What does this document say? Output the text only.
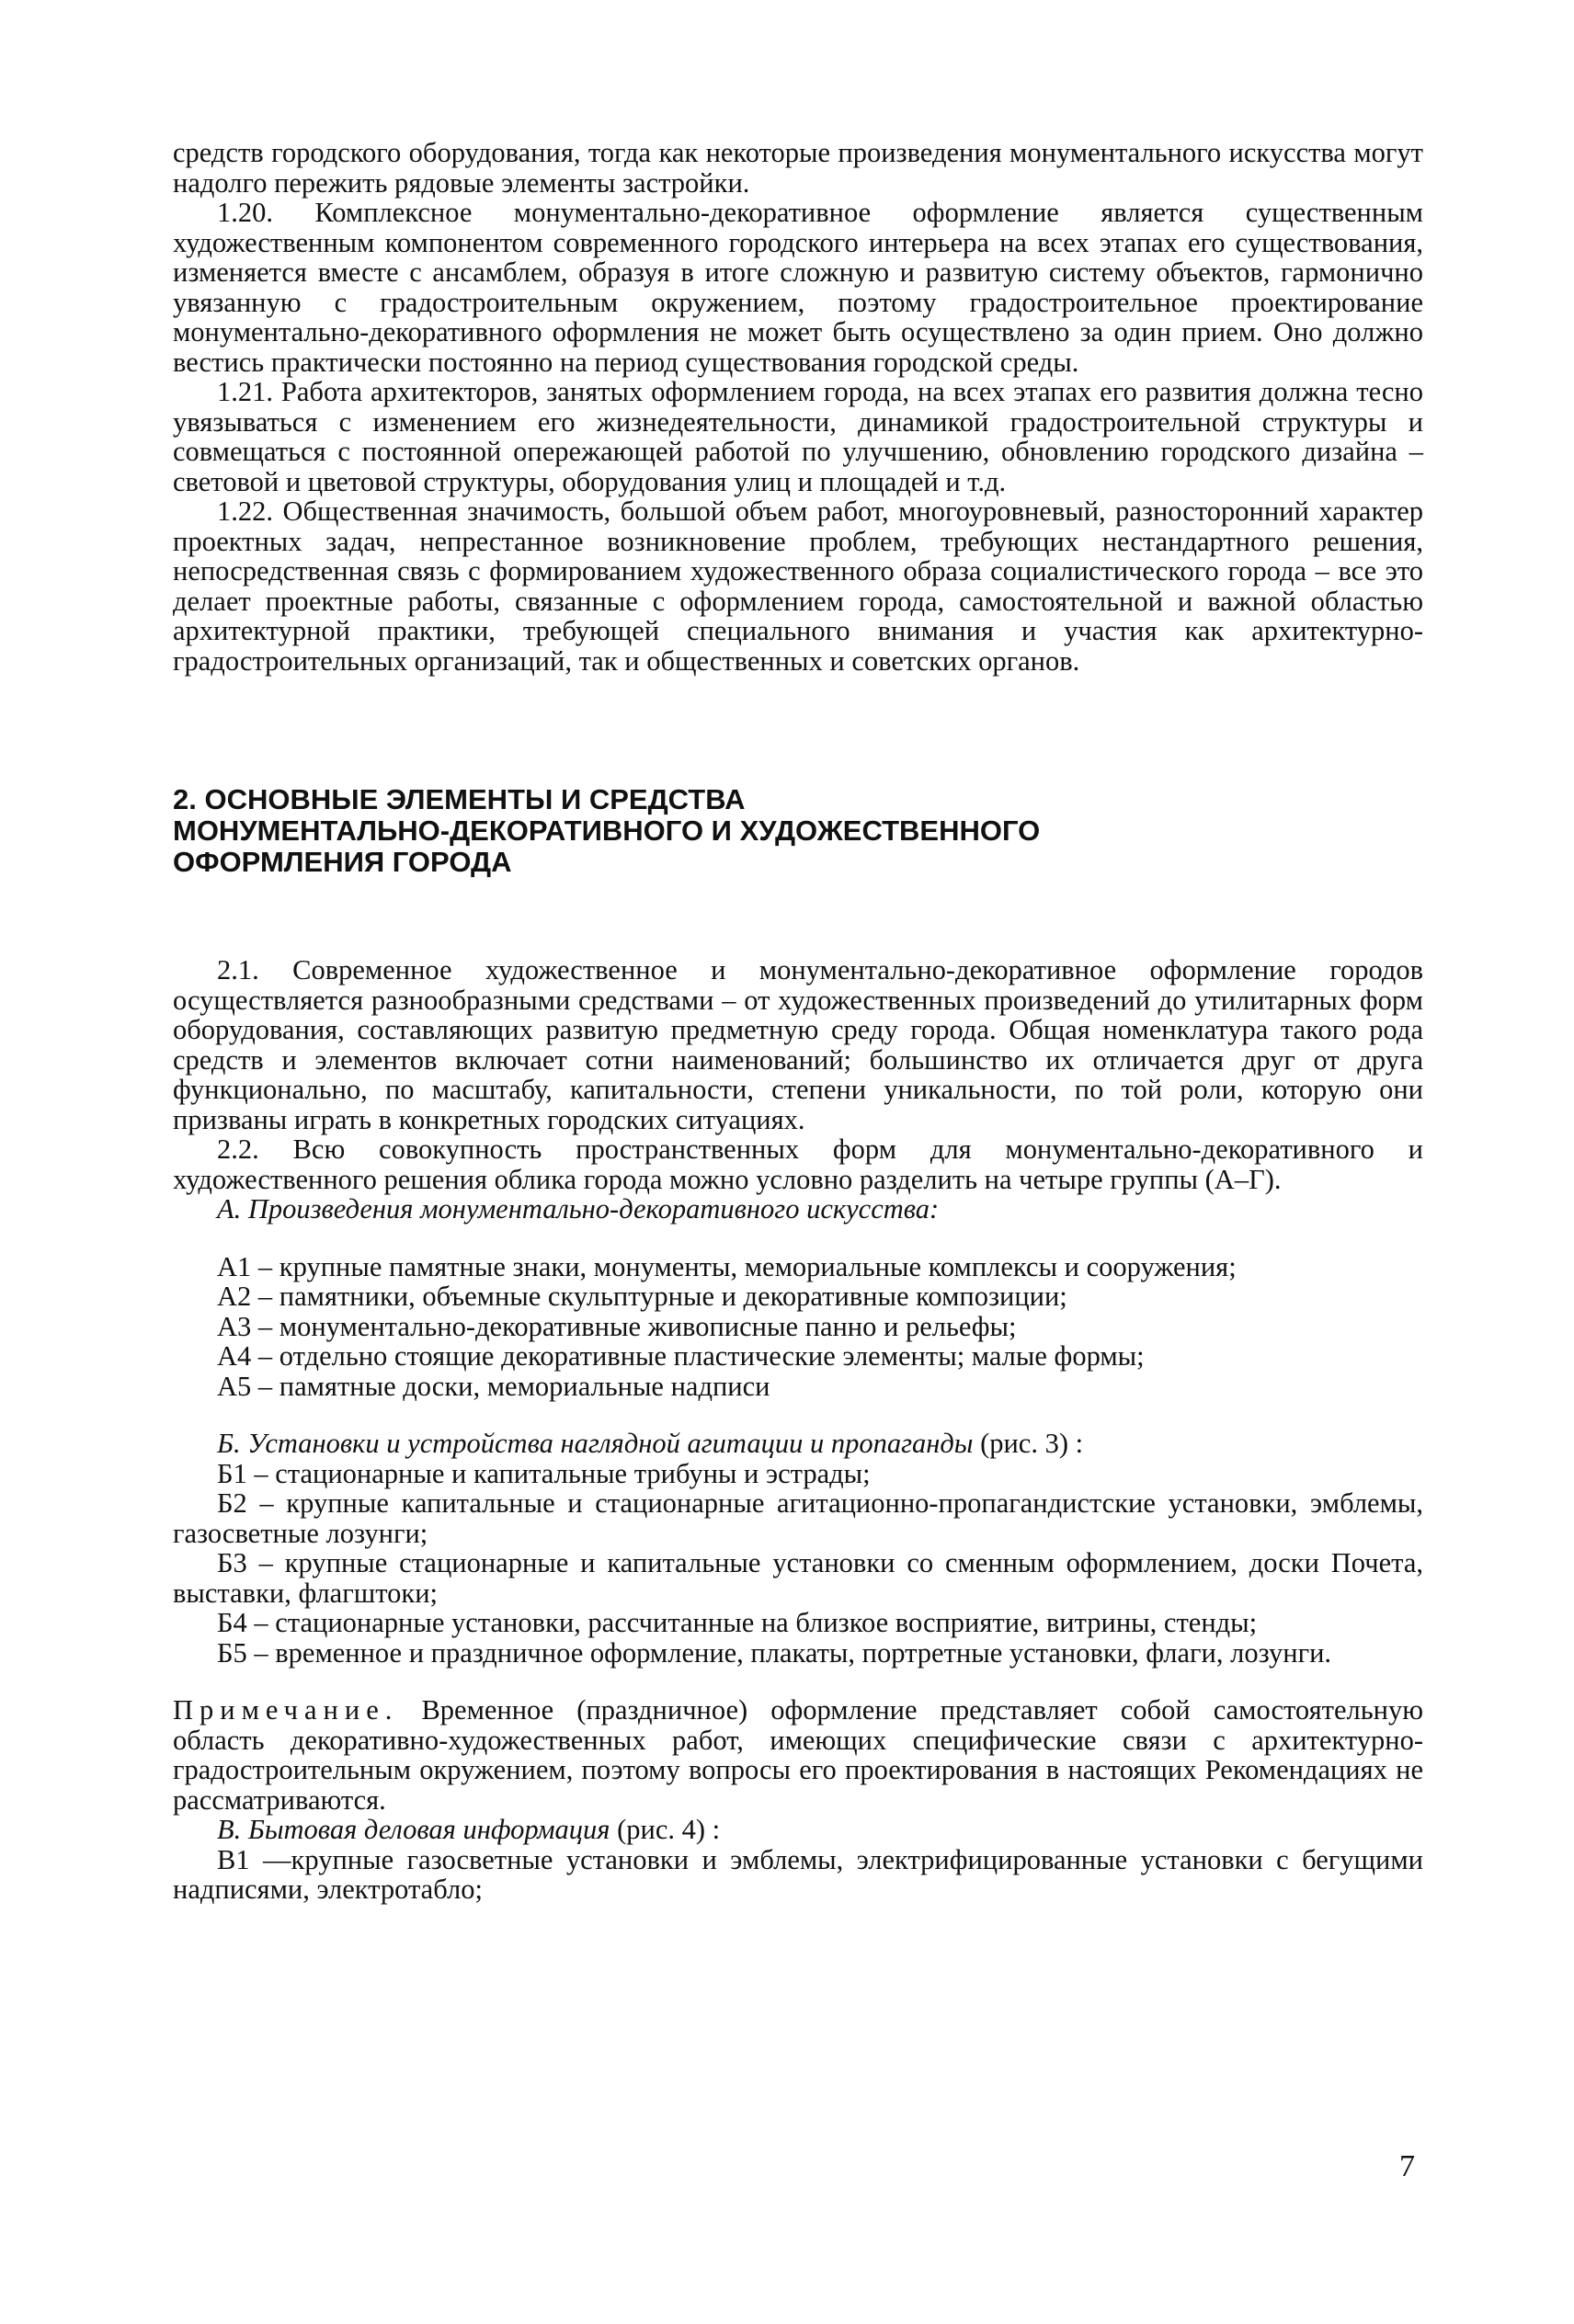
средств городского оборудования, тогда как некоторые произведения монументального искусства могут надолго пережить рядовые элементы застройки.

1.20. Комплексное монументально-декоративное оформление является существенным художественным компонентом современного городского интерьера на всех этапах его существования, изменяется вместе с ансамблем, образуя в итоге сложную и развитую систему объектов, гармонично увязанную с градостроительным окружением, поэтому градостроительное проектирование монументально-декоративного оформления не может быть осуществлено за один прием. Оно должно вестись практически постоянно на период существования городской среды.

1.21. Работа архитекторов, занятых оформлением города, на всех этапах его развития должна тесно увязываться с изменением его жизнедеятельности, динамикой градостроительной структуры и совмещаться с постоянной опережающей работой по улучшению, обновлению городского дизайна – световой и цветовой структуры, оборудования улиц и площадей и т.д.

1.22. Общественная значимость, большой объем работ, многоуровневый, разносторонний характер проектных задач, непрестанное возникновение проблем, требующих нестандартного решения, непосредственная связь с формированием художественного образа социалистического города – все это делает проектные работы, связанные с оформлением города, самостоятельной и важной областью архитектурной практики, требующей специального внимания и участия как архитектурно-градостроительных организаций, так и общественных и советских органов.

2. ОСНОВНЫЕ ЭЛЕМЕНТЫ И СРЕДСТВА
МОНУМЕНТАЛЬНО-ДЕКОРАТИВНОГО И ХУДОЖЕСТВЕННОГО
ОФОРМЛЕНИЯ ГОРОДА

2.1. Современное художественное и монументально-декоративное оформление городов осуществляется разнообразными средствами – от художественных произведений до утилитарных форм оборудования, составляющих развитую предметную среду города. Общая номенклатура такого рода средств и элементов включает сотни наименований; большинство их отличается друг от друга функционально, по масштабу, капитальности, степени уникальности, по той роли, которую они призваны играть в конкретных городских ситуациях.

2.2. Всю совокупность пространственных форм для монументально-декоративного и художественного решения облика города можно условно разделить на четыре группы (А–Г).

А. Произведения монументально-декоративного искусства:

А1 – крупные памятные знаки, монументы, мемориальные комплексы и сооружения;

А2 – памятники, объемные скульптурные и декоративные композиции;

А3 – монументально-декоративные живописные панно и рельефы;

А4 – отдельно стоящие декоративные пластические элементы; малые формы;

А5 – памятные доски, мемориальные надписи

Б. Установки и устройства наглядной агитации и пропаганды (рис. 3) :

Б1 – стационарные и капитальные трибуны и эстрады;

Б2 – крупные капитальные и стационарные агитационно-пропагандистские установки, эмблемы, газосветные лозунги;

Б3 – крупные стационарные и капитальные установки со сменным оформлением, доски Почета, выставки, флагштоки;

Б4 – стационарные установки, рассчитанные на близкое восприятие, витрины, стенды;

Б5 – временное и праздничное оформление, плакаты, портретные установки, флаги, лозунги.

Примечание. Временное (праздничное) оформление представляет собой самостоятельную область декоративно-художественных работ, имеющих специфические связи с архитектурно-градостроительным окружением, поэтому вопросы его проектирования в настоящих Рекомендациях не рассматриваются.

В. Бытовая деловая информация (рис. 4) :

В1 ––крупные газосветные установки и эмблемы, электрифицированные установки с бегущими надписями, электротабло;

7
